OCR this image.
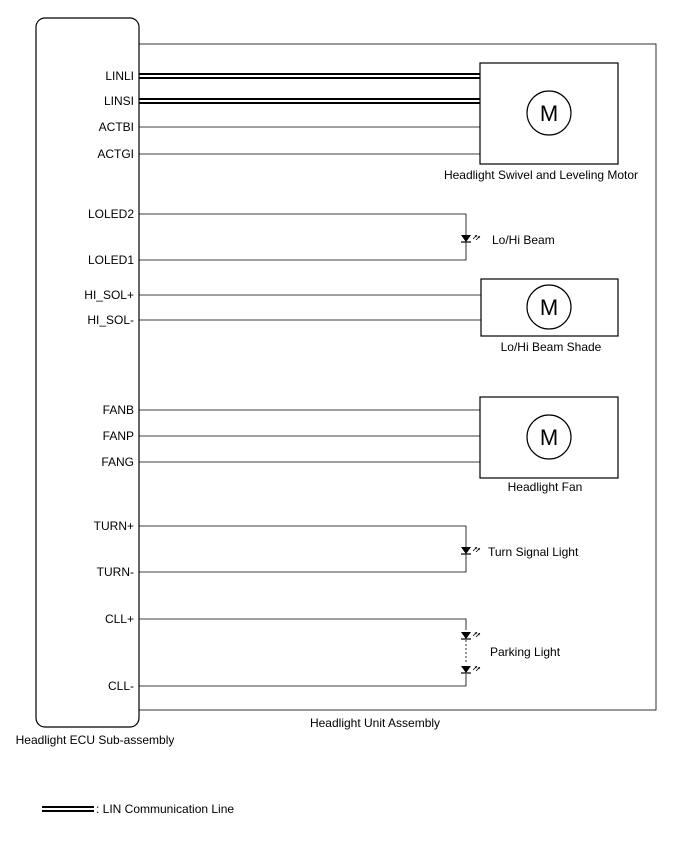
M
Headlight Swivel and Leveling Motor
Lo/Hi Beam
M
Lo/Hi Beam Shade
M
Headlight Fan
Turn Signal Light
Parking Light
LINLI
LINSI
ACTBI
ACTGI
LOLED2
LOLED1
HI_SOL+
HI_SOL-
FANB
FANP
FANG
TURN+
TURN-
CLL+
CLL-
Headlight Unit Assembly
Headlight ECU Sub-assembly
: LIN Communication Line
